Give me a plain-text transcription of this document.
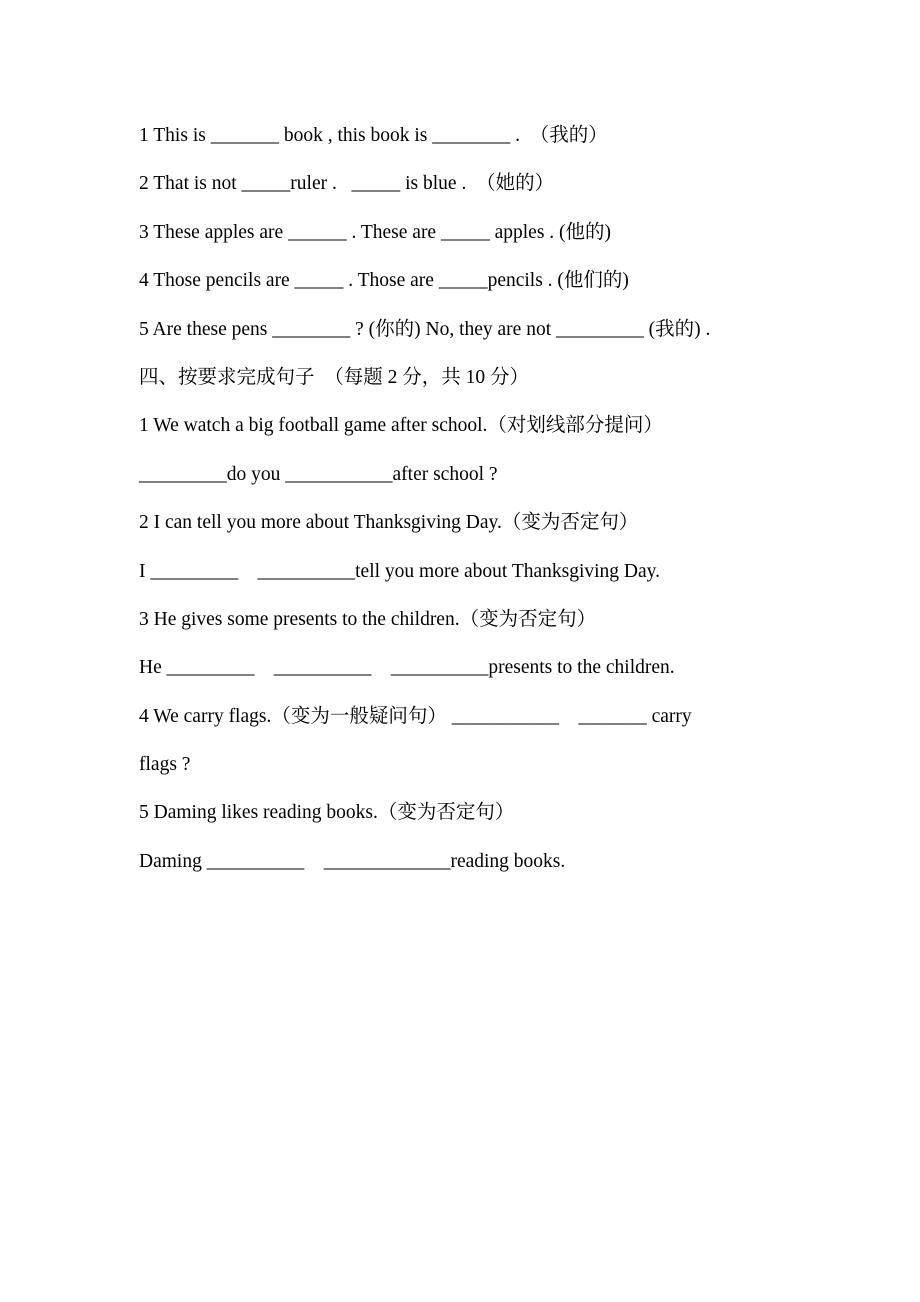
1 This is _______ book , this book is ________ .  （我的）
2 That is not _____ruler .   _____ is blue .  （她的）
3 These apples are ______ . These are _____ apples . (他的)
4 Those pencils are _____ . Those are _____pencils . (他们的)
5 Are these pens ________ ? (你的) No, they are not _________ (我的) .
四、按要求完成句子  （每题 2 分，共 10 分）
1 We watch a big football game after school.（对划线部分提问）
_________do you ___________after school ?
2 I can tell you more about Thanksgiving Day.（变为否定句）
I _________    __________tell you more about Thanksgiving Day.
3 He gives some presents to the children.（变为否定句）
He _________    __________    __________presents to the children.
4 We carry flags.（变为一般疑问句） ___________    _______ carry
flags ?
5 Daming likes reading books.（变为否定句）
Daming __________    _____________reading books.
